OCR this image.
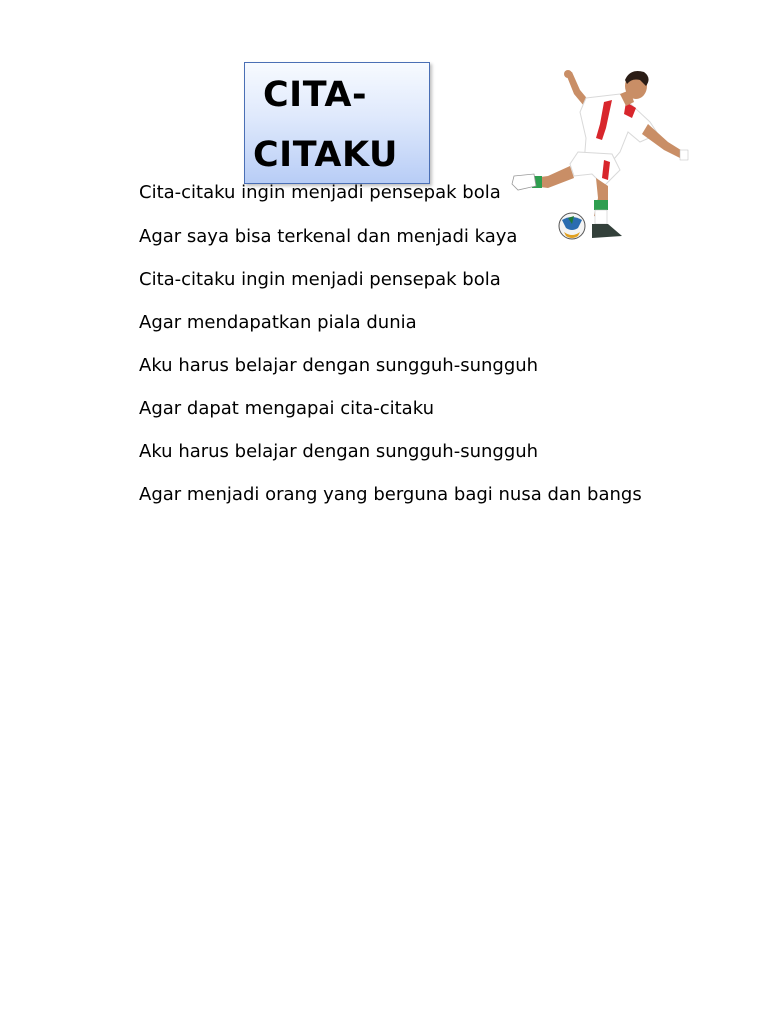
CITA-
CITAKU
Cita-citaku ingin menjadi pensepak bola
Agar saya bisa terkenal dan menjadi kaya
Cita-citaku ingin menjadi pensepak bola
Agar mendapatkan piala dunia
Aku harus belajar dengan sungguh-sungguh
Agar dapat mengapai cita-citaku
Aku harus belajar dengan sungguh-sungguh
Agar menjadi orang yang berguna bagi nusa dan bangs
